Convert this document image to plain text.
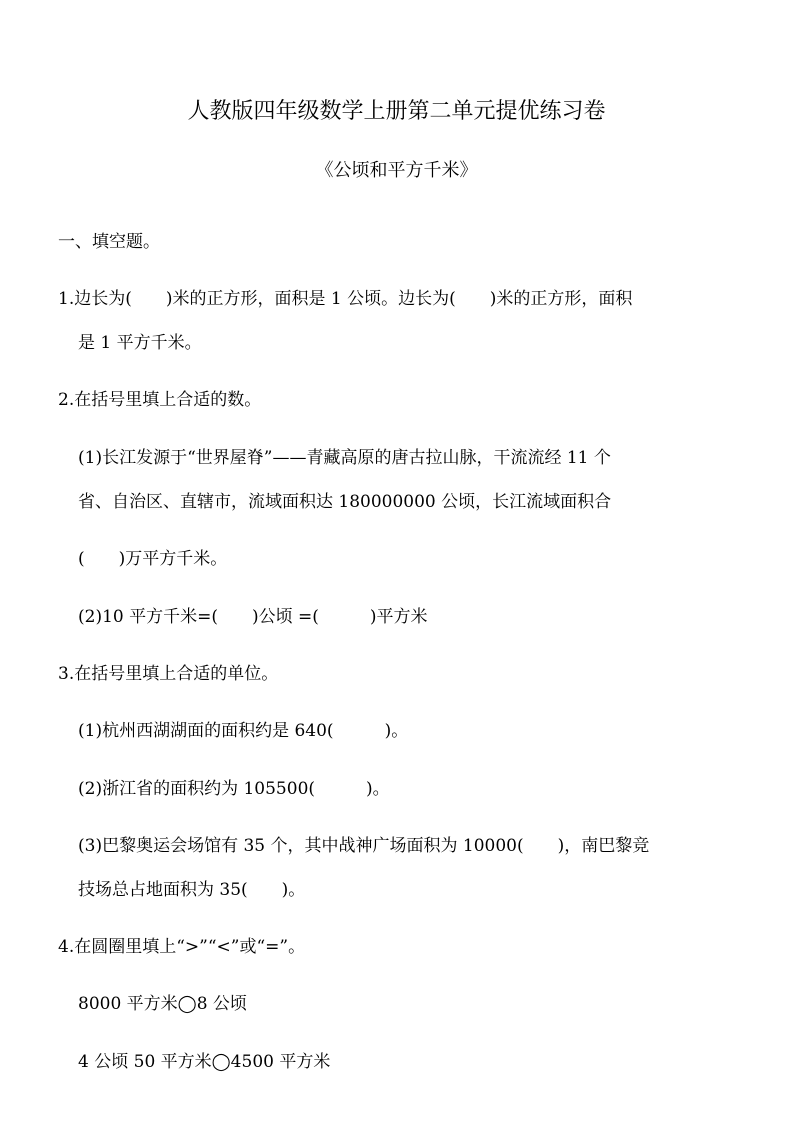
人教版四年级数学上册第二单元提优练习卷
《公顷和平方千米》
一、填空题。
1.边长为(　　)米的正方形，面积是 1 公顷。边长为(　　)米的正方形，面积
是 1 平方千米。
2.在括号里填上合适的数。
(1)长江发源于“世界屋脊”——青藏高原的唐古拉山脉，干流流经 11 个
省、自治区、直辖市，流域面积达 180000000 公顷，长江流域面积合
(　　)万平方千米。
(2)10 平方千米=(　　)公顷 =(　　　)平方米
3.在括号里填上合适的单位。
(1)杭州西湖湖面的面积约是 640(　　　)。
(2)浙江省的面积约为 105500(　　　)。
(3)巴黎奥运会场馆有 35 个，其中战神广场面积为 10000(　　)，南巴黎竞
技场总占地面积为 35(　　)。
4.在圆圈里填上“>”“<”或“=”。
8000 平方米◯8 公顷
4 公顷 50 平方米◯4500 平方米
